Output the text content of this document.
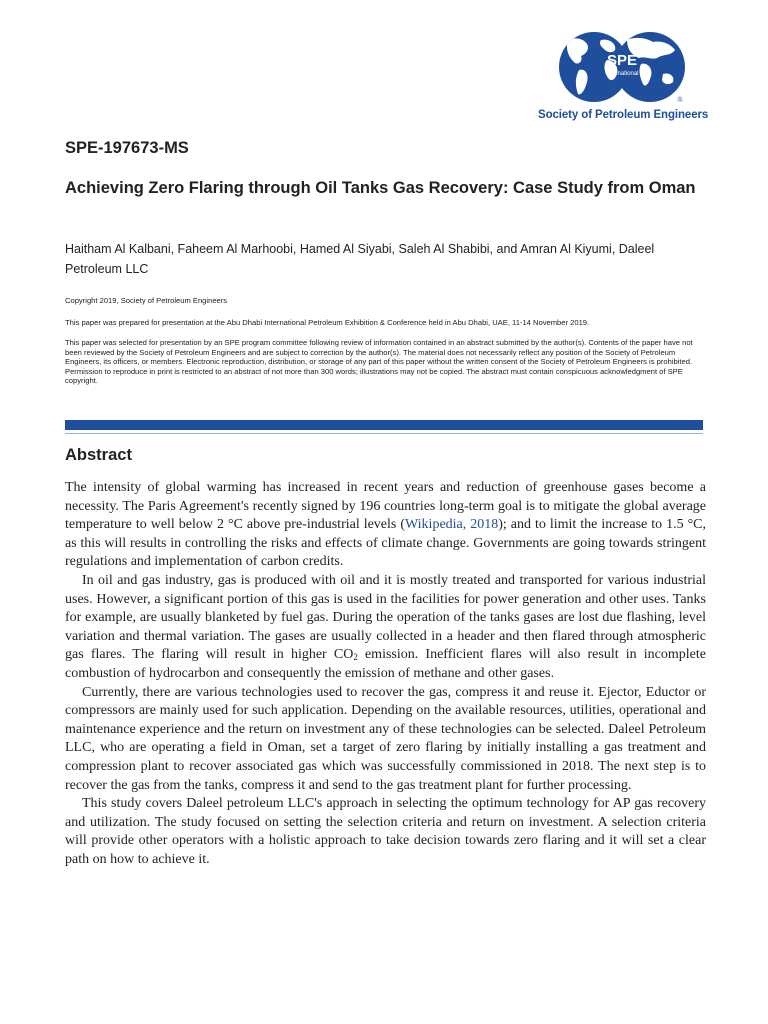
SPE
International
®
Society of Petroleum Engineers
SPE-197673-MS
Achieving Zero Flaring through Oil Tanks Gas Recovery: Case Study from Oman
Haitham Al Kalbani, Faheem Al Marhoobi, Hamed Al Siyabi, Saleh Al Shabibi, and Amran Al Kiyumi, Daleel Petroleum LLC

Copyright 2019, Society of Petroleum Engineers

This paper was prepared for presentation at the Abu Dhabi International Petroleum Exhibition & Conference held in Abu Dhabi, UAE, 11-14 November 2019.

This paper was selected for presentation by an SPE program committee following review of information contained in an abstract submitted by the author(s). Contents of the paper have not been reviewed by the Society of Petroleum Engineers and are subject to correction by the author(s). The material does not necessarily reflect any position of the Society of Petroleum Engineers, its officers, or members. Electronic reproduction, distribution, or storage of any part of this paper without the written consent of the Society of Petroleum Engineers is prohibited. Permission to reproduce in print is restricted to an abstract of not more than 300 words; illustrations may not be copied. The abstract must contain conspicuous acknowledgment of SPE copyright.

Abstract

The intensity of global warming has increased in recent years and reduction of greenhouse gases become a necessity. The Paris Agreement's recently signed by 196 countries long-term goal is to mitigate the global average temperature to well below 2 °C above pre-industrial levels (Wikipedia, 2018); and to limit the increase to 1.5 °C, as this will results in controlling the risks and effects of climate change. Governments are going towards stringent regulations and implementation of carbon credits.

In oil and gas industry, gas is produced with oil and it is mostly treated and transported for various industrial uses. However, a significant portion of this gas is used in the facilities for power generation and other uses. Tanks for example, are usually blanketed by fuel gas. During the operation of the tanks gases are lost due flashing, level variation and thermal variation. The gases are usually collected in a header and then flared through atmospheric gas flares. The flaring will result in higher $CO_2$ emission. Inefficient flares will also result in incomplete combustion of hydrocarbon and consequently the emission of methane and other gases.

Currently, there are various technologies used to recover the gas, compress it and reuse it. Ejector, Eductor or compressors are mainly used for such application. Depending on the available resources, utilities, operational and maintenance experience and the return on investment any of these technologies can be selected. Daleel Petroleum LLC, who are operating a field in Oman, set a target of zero flaring by initially installing a gas treatment and compression plant to recover associated gas which was successfully commissioned in 2018. The next step is to recover the gas from the tanks, compress it and send to the gas treatment plant for further processing.

This study covers Daleel petroleum LLC's approach in selecting the optimum technology for AP gas recovery and utilization. The study focused on setting the selection criteria and return on investment. A selection criteria will provide other operators with a holistic approach to take decision towards zero flaring and it will set a clear path on how to achieve it.
